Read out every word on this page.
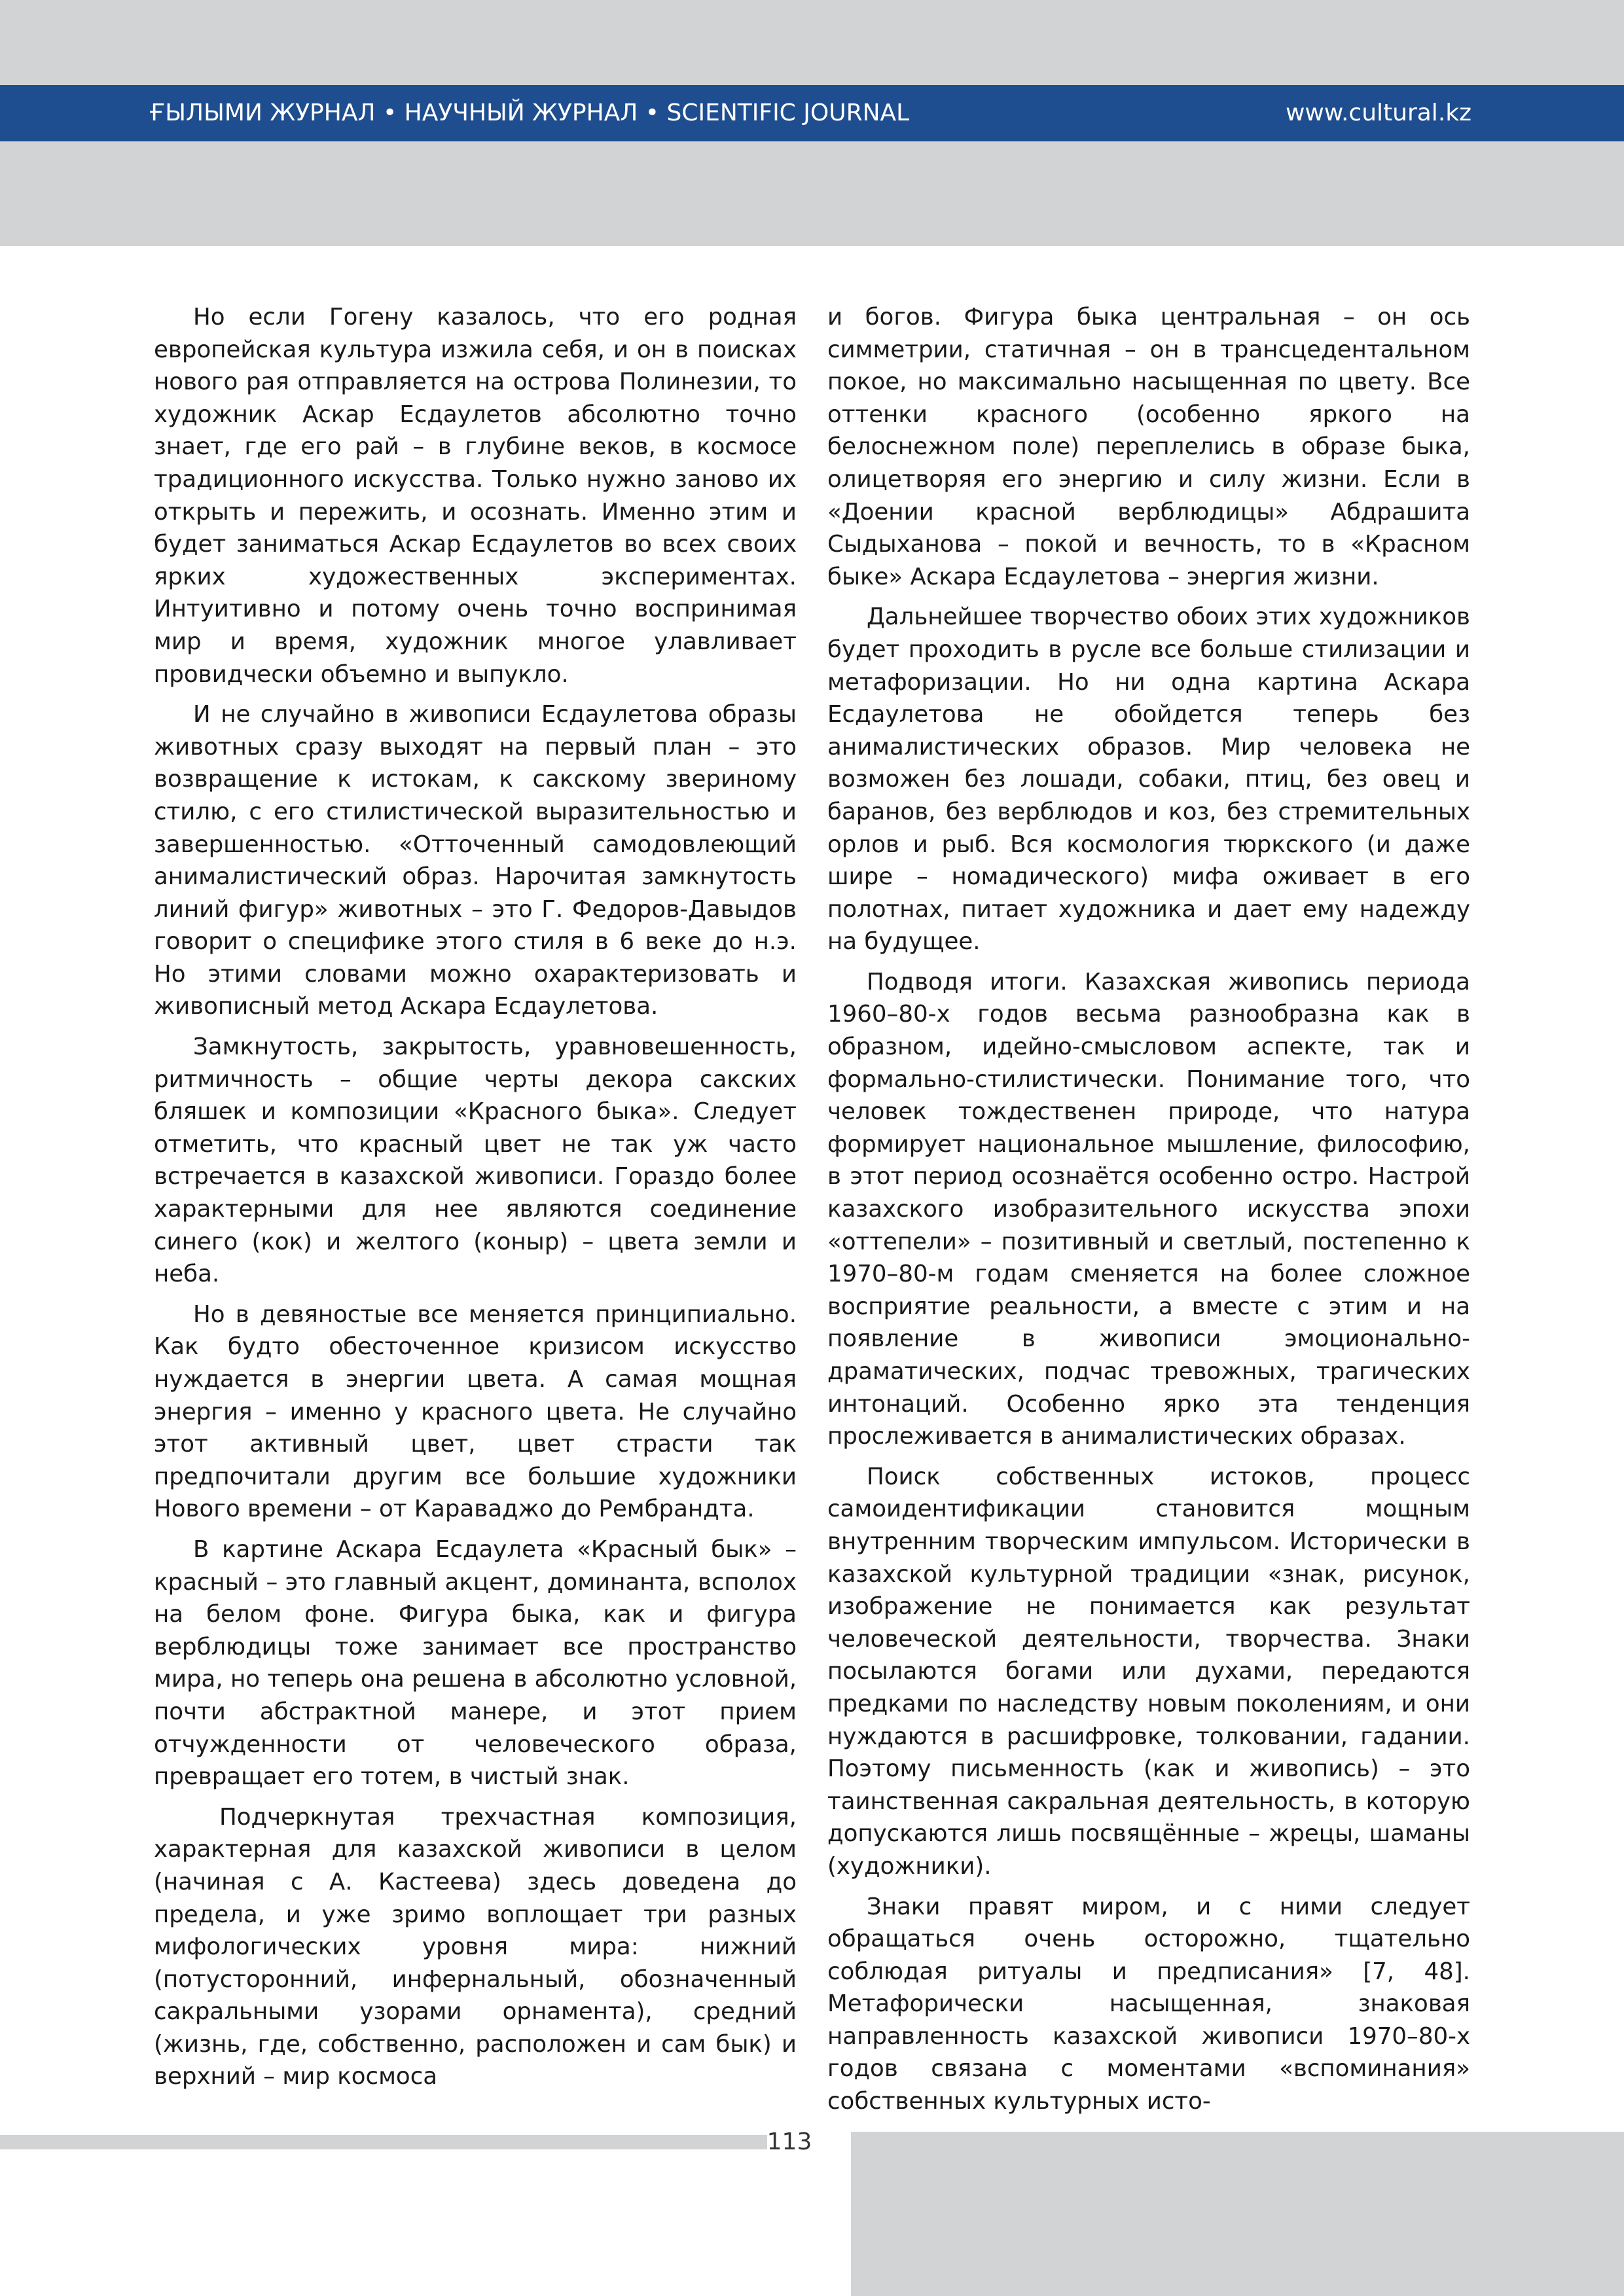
ҒЫЛЫМИ ЖУРНАЛ • НАУЧНЫЙ ЖУРНАЛ • SCIENTIFIC JOURNAL	www.cultural.kz

Но если Гогену казалось, что его родная европейская культура изжила себя, и он в поисках нового рая отправляется на острова Полинезии, то художник Аскар Есдаулетов абсолютно точно знает, где его рай – в глубине веков, в космосе традиционного искусства. Только нужно заново их открыть и пережить, и осознать. Именно этим и будет заниматься Аскар Есдаулетов во всех своих ярких художественных экспериментах. Интуитивно и потому очень точно воспринимая мир и время, художник многое улавливает провидчески объемно и выпукло.

И не случайно в живописи Есдаулетова образы животных сразу выходят на первый план – это возвращение к истокам, к сакскому звериному стилю, с его стилистической выразительностью и завершенностью. «Отточенный самодовлеющий анималистический образ. Нарочитая замкнутость линий фигур» животных – это Г. Федоров-Давыдов говорит о специфике этого стиля в 6 веке до н.э. Но этими словами можно охарактеризовать и живописный метод Аскара Есдаулетова.

Замкнутость, закрытость, уравновешенность, ритмичность – общие черты декора сакских бляшек и композиции «Красного быка». Следует отметить, что красный цвет не так уж часто встречается в казахской живописи. Гораздо более характерными для нее являются соединение синего (кок) и желтого (коныр) – цвета земли и неба.

Но в девяностые все меняется принципиально. Как будто обесточенное кризисом искусство нуждается в энергии цвета. А самая мощная энергия – именно у красного цвета. Не случайно этот активный цвет, цвет страсти так предпочитали другим все большие художники Нового времени – от Караваджо до Рембрандта.

В картине Аскара Есдаулета «Красный бык» – красный – это главный акцент, доминанта, всполох на белом фоне. Фигура быка, как и фигура верблюдицы тоже занимает все пространство мира, но теперь она решена в абсолютно условной, почти абстрактной манере, и этот прием отчужденности от человеческого образа, превращает его тотем, в чистый знак.

Подчеркнутая трехчастная композиция, характерная для казахской живописи в целом (начиная с А. Кастеева) здесь доведена до предела, и уже зримо воплощает три разных мифологических уровня мира: нижний (потусторонний, инфернальный, обозначенный сакральными узорами орнамента), средний (жизнь, где, собственно, расположен и сам бык) и верхний – мир космоса

и богов. Фигура быка центральная – он ось симметрии, статичная – он в трансцедентальном покое, но максимально насыщенная по цвету. Все оттенки красного (особенно яркого на белоснежном поле) переплелись в образе быка, олицетворяя его энергию и силу жизни. Если в «Доении красной верблюдицы» Абдрашита Сыдыханова – покой и вечность, то в «Красном быке» Аскара Есдаулетова – энергия жизни.

Дальнейшее творчество обоих этих художников будет проходить в русле все больше стилизации и метафоризации. Но ни одна картина Аскара Есдаулетова не обойдется теперь без анималистических образов. Мир человека не возможен без лошади, собаки, птиц, без овец и баранов, без верблюдов и коз, без стремительных орлов и рыб. Вся космология тюркского (и даже шире – номадического) мифа оживает в его полотнах, питает художника и дает ему надежду на будущее.

Подводя итоги. Казахская живопись периода 1960–80-х годов весьма разнообразна как в образном, идейно-смысловом аспекте, так и формально-стилистически. Понимание того, что человек тождественен природе, что натура формирует национальное мышление, философию, в этот период осознаётся особенно остро. Настрой казахского изобразительного искусства эпохи «оттепели» – позитивный и светлый, постепенно к 1970–80-м годам сменяется на более сложное восприятие реальности, а вместе с этим и на появление в живописи эмоционально-драматических, подчас тревожных, трагических интонаций. Особенно ярко эта тенденция прослеживается в анималистических образах.

Поиск собственных истоков, процесс самоидентификации становится мощным внутренним творческим импульсом. Исторически в казахской культурной традиции «знак, рисунок, изображение не понимается как результат человеческой деятельности, творчества. Знаки посылаются богами или духами, передаются предками по наследству новым поколениям, и они нуждаются в расшифровке, толковании, гадании. Поэтому письменность (как и живопись) – это таинственная сакральная деятельность, в которую допускаются лишь посвящённые – жрецы, шаманы (художники).

Знаки правят миром, и с ними следует обращаться очень осторожно, тщательно соблюдая ритуалы и предписания» [7, 48]. Метафорически насыщенная, знаковая направленность казахской живописи 1970–80-х годов связана с моментами «вспоминания» собственных культурных исто-

113
